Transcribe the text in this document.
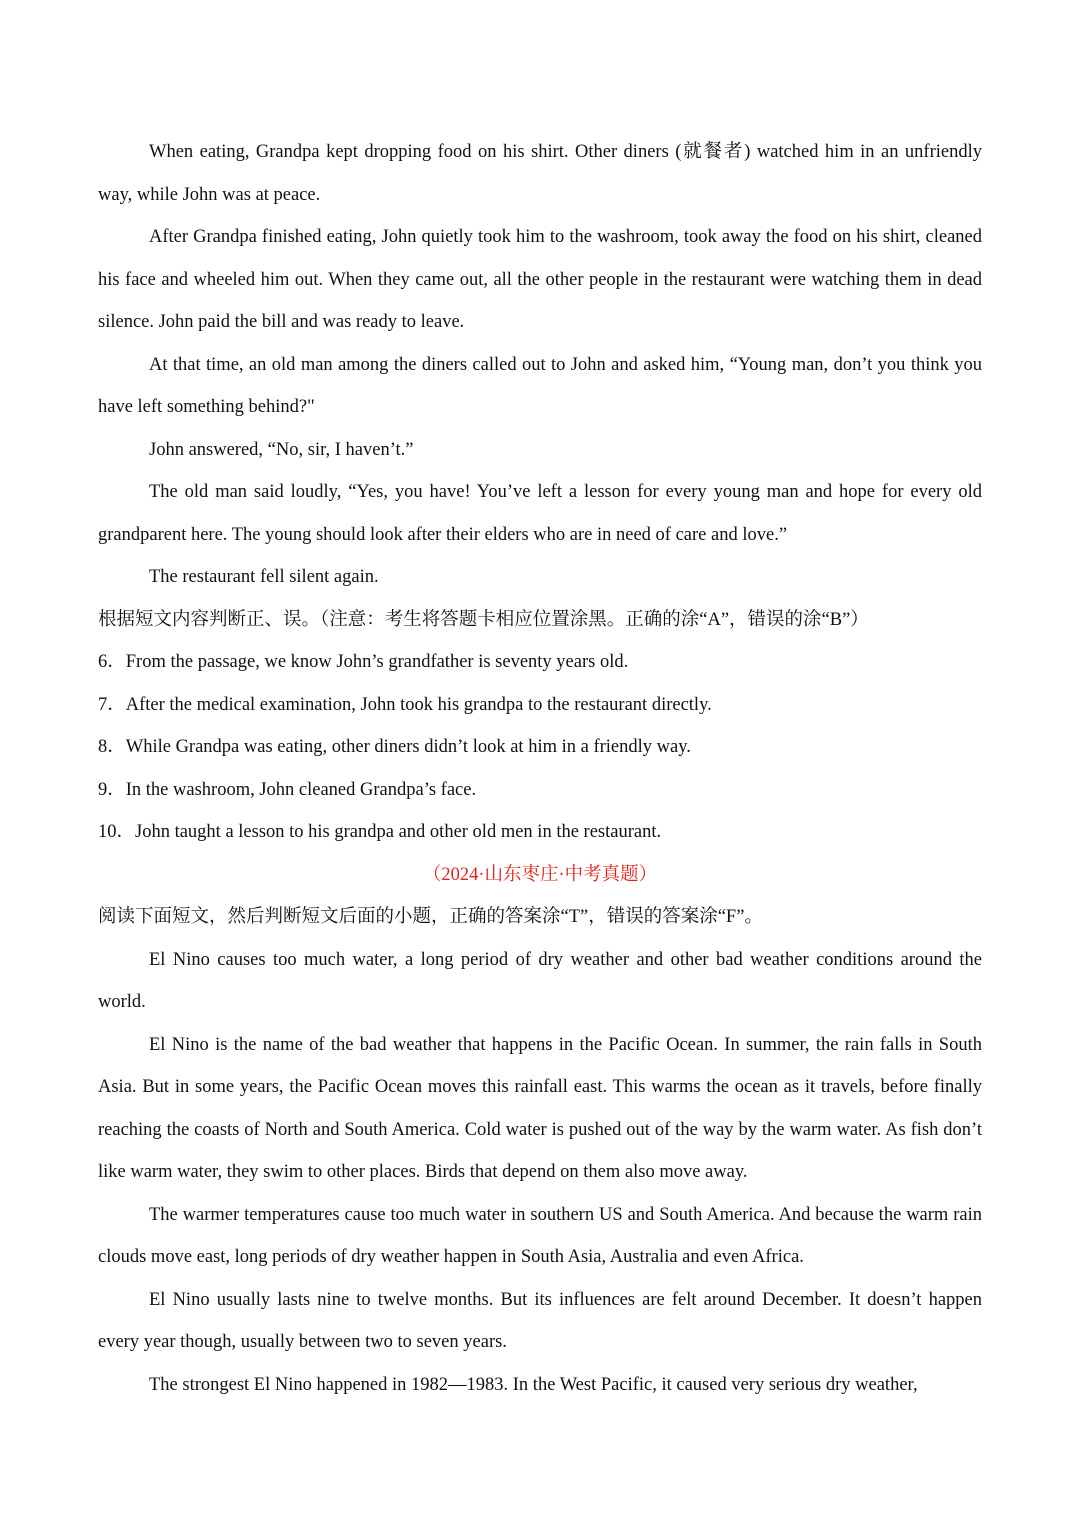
When eating, Grandpa kept dropping food on his shirt. Other diners (就餐者) watched him in an unfriendly way, while John was at peace.

After Grandpa finished eating, John quietly took him to the washroom, took away the food on his shirt, cleaned his face and wheeled him out. When they came out, all the other people in the restaurant were watching them in dead silence. John paid the bill and was ready to leave.

At that time, an old man among the diners called out to John and asked him, “Young man, don’t you think you have left something behind?"

John answered, “No, sir, I haven’t.”

The old man said loudly, “Yes, you have! You’ve left a lesson for every young man and hope for every old grandparent here. The young should look after their elders who are in need of care and love.”

The restaurant fell silent again.

根据短文内容判断正、误。（注意：考生将答题卡相应位置涂黑。正确的涂“A”，错误的涂“B”）

6．From the passage, we know John’s grandfather is seventy years old.
7．After the medical examination, John took his grandpa to the restaurant directly.
8．While Grandpa was eating, other diners didn’t look at him in a friendly way.
9．In the washroom, John cleaned Grandpa’s face.
10．John taught a lesson to his grandpa and other old men in the restaurant.
（2024·山东枣庄·中考真题）

阅读下面短文，然后判断短文后面的小题，正确的答案涂“T”，错误的答案涂“F”。

El Nino causes too much water, a long period of dry weather and other bad weather conditions around the world.

El Nino is the name of the bad weather that happens in the Pacific Ocean. In summer, the rain falls in South Asia. But in some years, the Pacific Ocean moves this rainfall east. This warms the ocean as it travels, before finally reaching the coasts of North and South America. Cold water is pushed out of the way by the warm water. As fish don’t like warm water, they swim to other places. Birds that depend on them also move away.

The warmer temperatures cause too much water in southern US and South America. And because the warm rain clouds move east, long periods of dry weather happen in South Asia, Australia and even Africa.

El Nino usually lasts nine to twelve months. But its influences are felt around December. It doesn’t happen every year though, usually between two to seven years.

The strongest El Nino happened in 1982—1983. In the West Pacific, it caused very serious dry weather,
